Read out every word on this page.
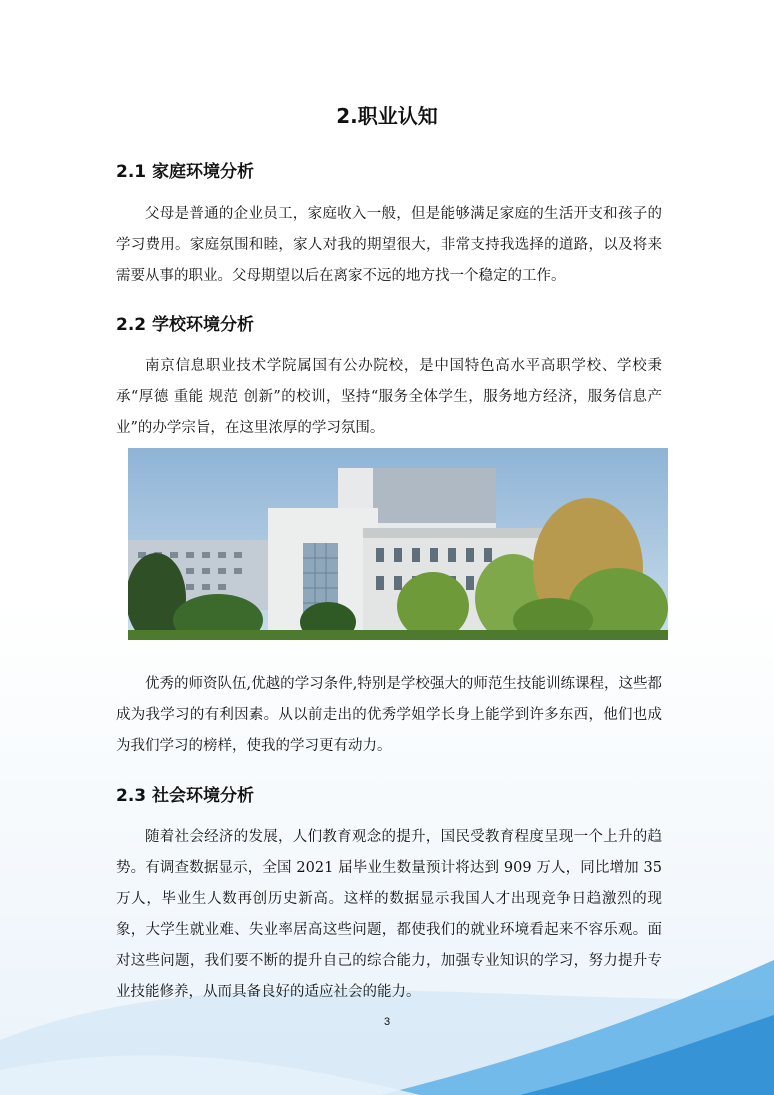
2.职业认知
2.1 家庭环境分析

父母是普通的企业员工，家庭收入一般，但是能够满足家庭的生活开支和孩子的学习费用。家庭氛围和睦，家人对我的期望很大，非常支持我选择的道路，以及将来需要从事的职业。父母期望以后在离家不远的地方找一个稳定的工作。

2.2 学校环境分析

南京信息职业技术学院属国有公办院校，是中国特色高水平高职学校、学校秉承“厚德 重能 规范 创新”的校训，坚持“服务全体学生，服务地方经济，服务信息产业”的办学宗旨，在这里浓厚的学习氛围。

优秀的师资队伍,优越的学习条件,特别是学校强大的师范生技能训练课程，这些都成为我学习的有利因素。从以前走出的优秀学姐学长身上能学到许多东西，他们也成为我们学习的榜样，使我的学习更有动力。

2.3 社会环境分析

随着社会经济的发展，人们教育观念的提升，国民受教育程度呈现一个上升的趋势。有调查数据显示，全国 2021 届毕业生数量预计将达到 909 万人，同比增加 35 万人，毕业生人数再创历史新高。这样的数据显示我国人才出现竞争日趋激烈的现象，大学生就业难、失业率居高这些问题，都使我们的就业环境看起来不容乐观。面对这些问题，我们要不断的提升自己的综合能力，加强专业知识的学习，努力提升专业技能修养，从而具备良好的适应社会的能力。

3
